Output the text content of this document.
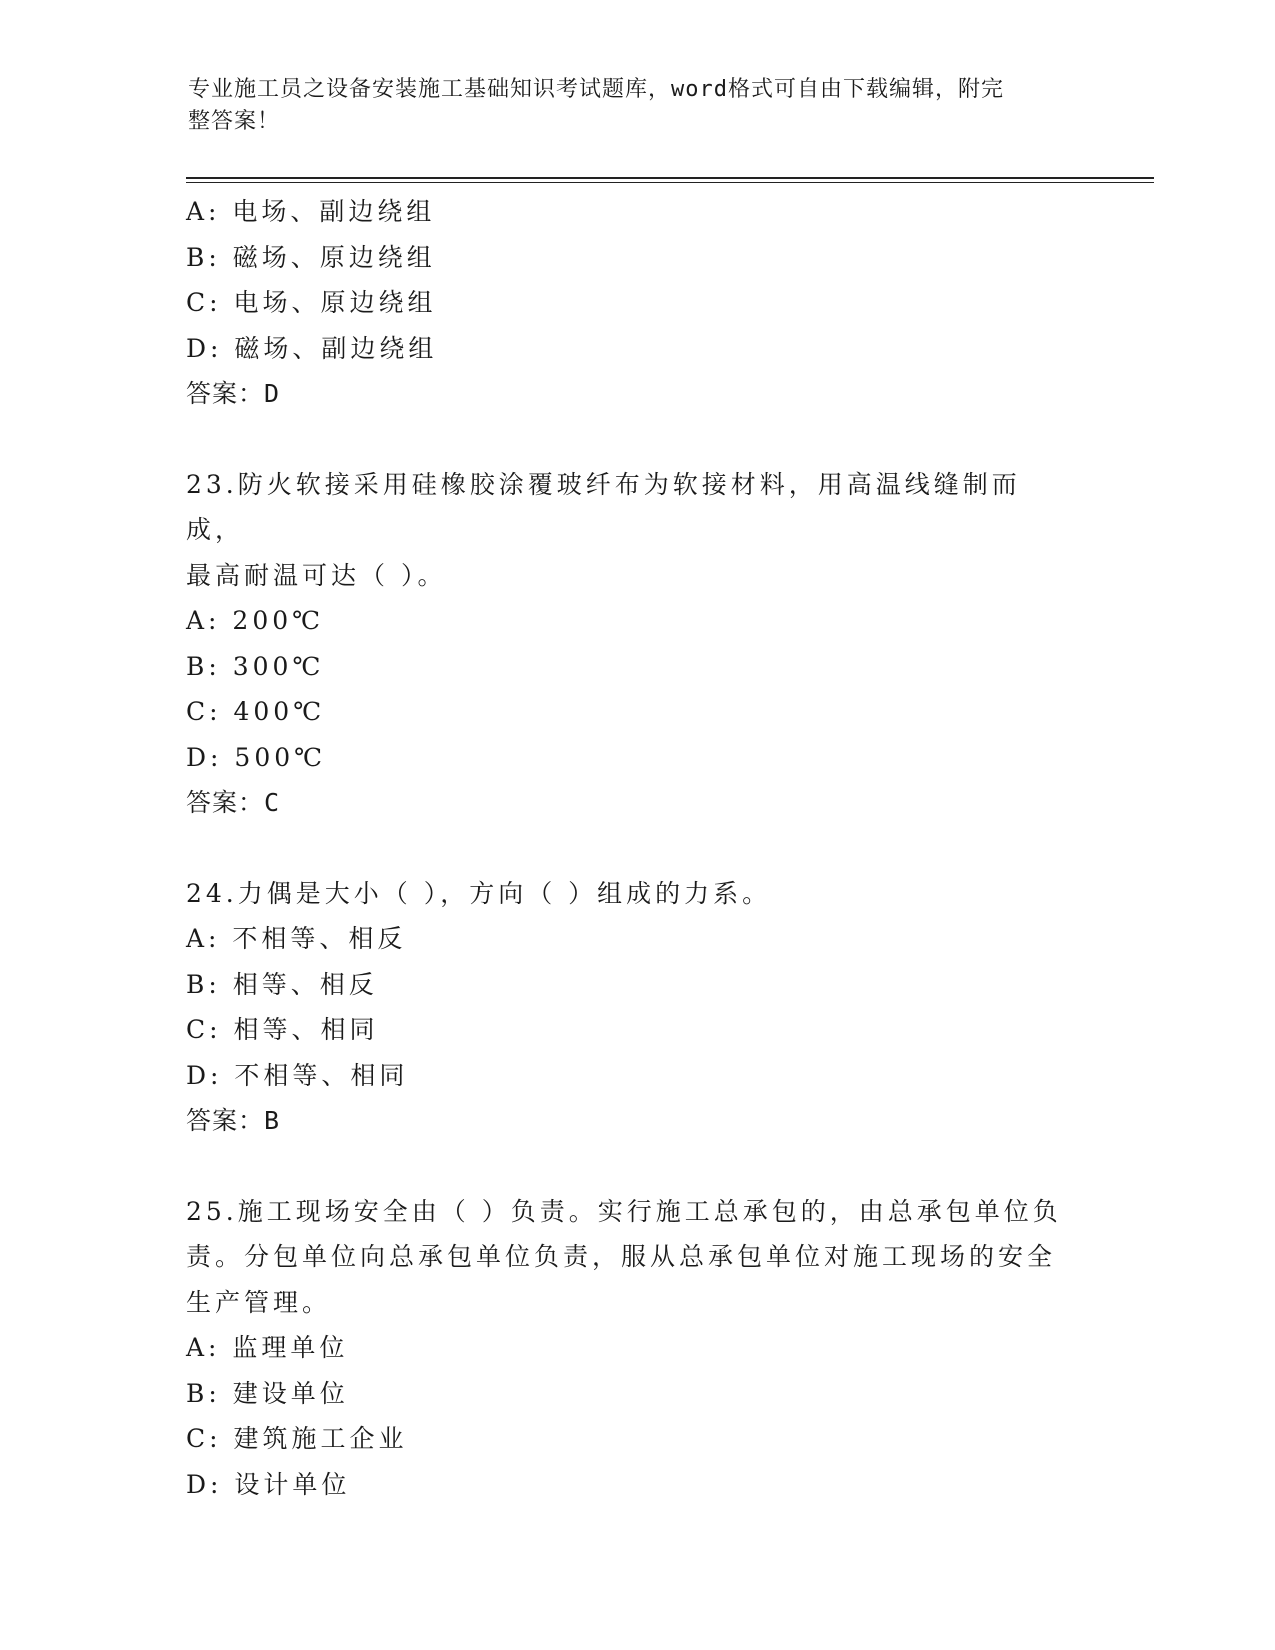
专业施工员之设备安装施工基础知识考试题库，word格式可自由下载编辑，附完
整答案！
A: 电场、副边绕组
B: 磁场、原边绕组
C: 电场、原边绕组
D: 磁场、副边绕组
答案：D
23.防火软接采用硅橡胶涂覆玻纤布为软接材料，用高温线缝制而成，
最高耐温可达（ ）。
A: 200℃
B: 300℃
C: 400℃
D: 500℃
答案：C
24.力偶是大小（ ），方向（ ）组成的力系。
A: 不相等、相反
B: 相等、相反
C: 相等、相同
D: 不相等、相同
答案：B
25.施工现场安全由（ ）负责。实行施工总承包的，由总承包单位负
责。分包单位向总承包单位负责，服从总承包单位对施工现场的安全
生产管理。
A: 监理单位
B: 建设单位
C: 建筑施工企业
D: 设计单位
